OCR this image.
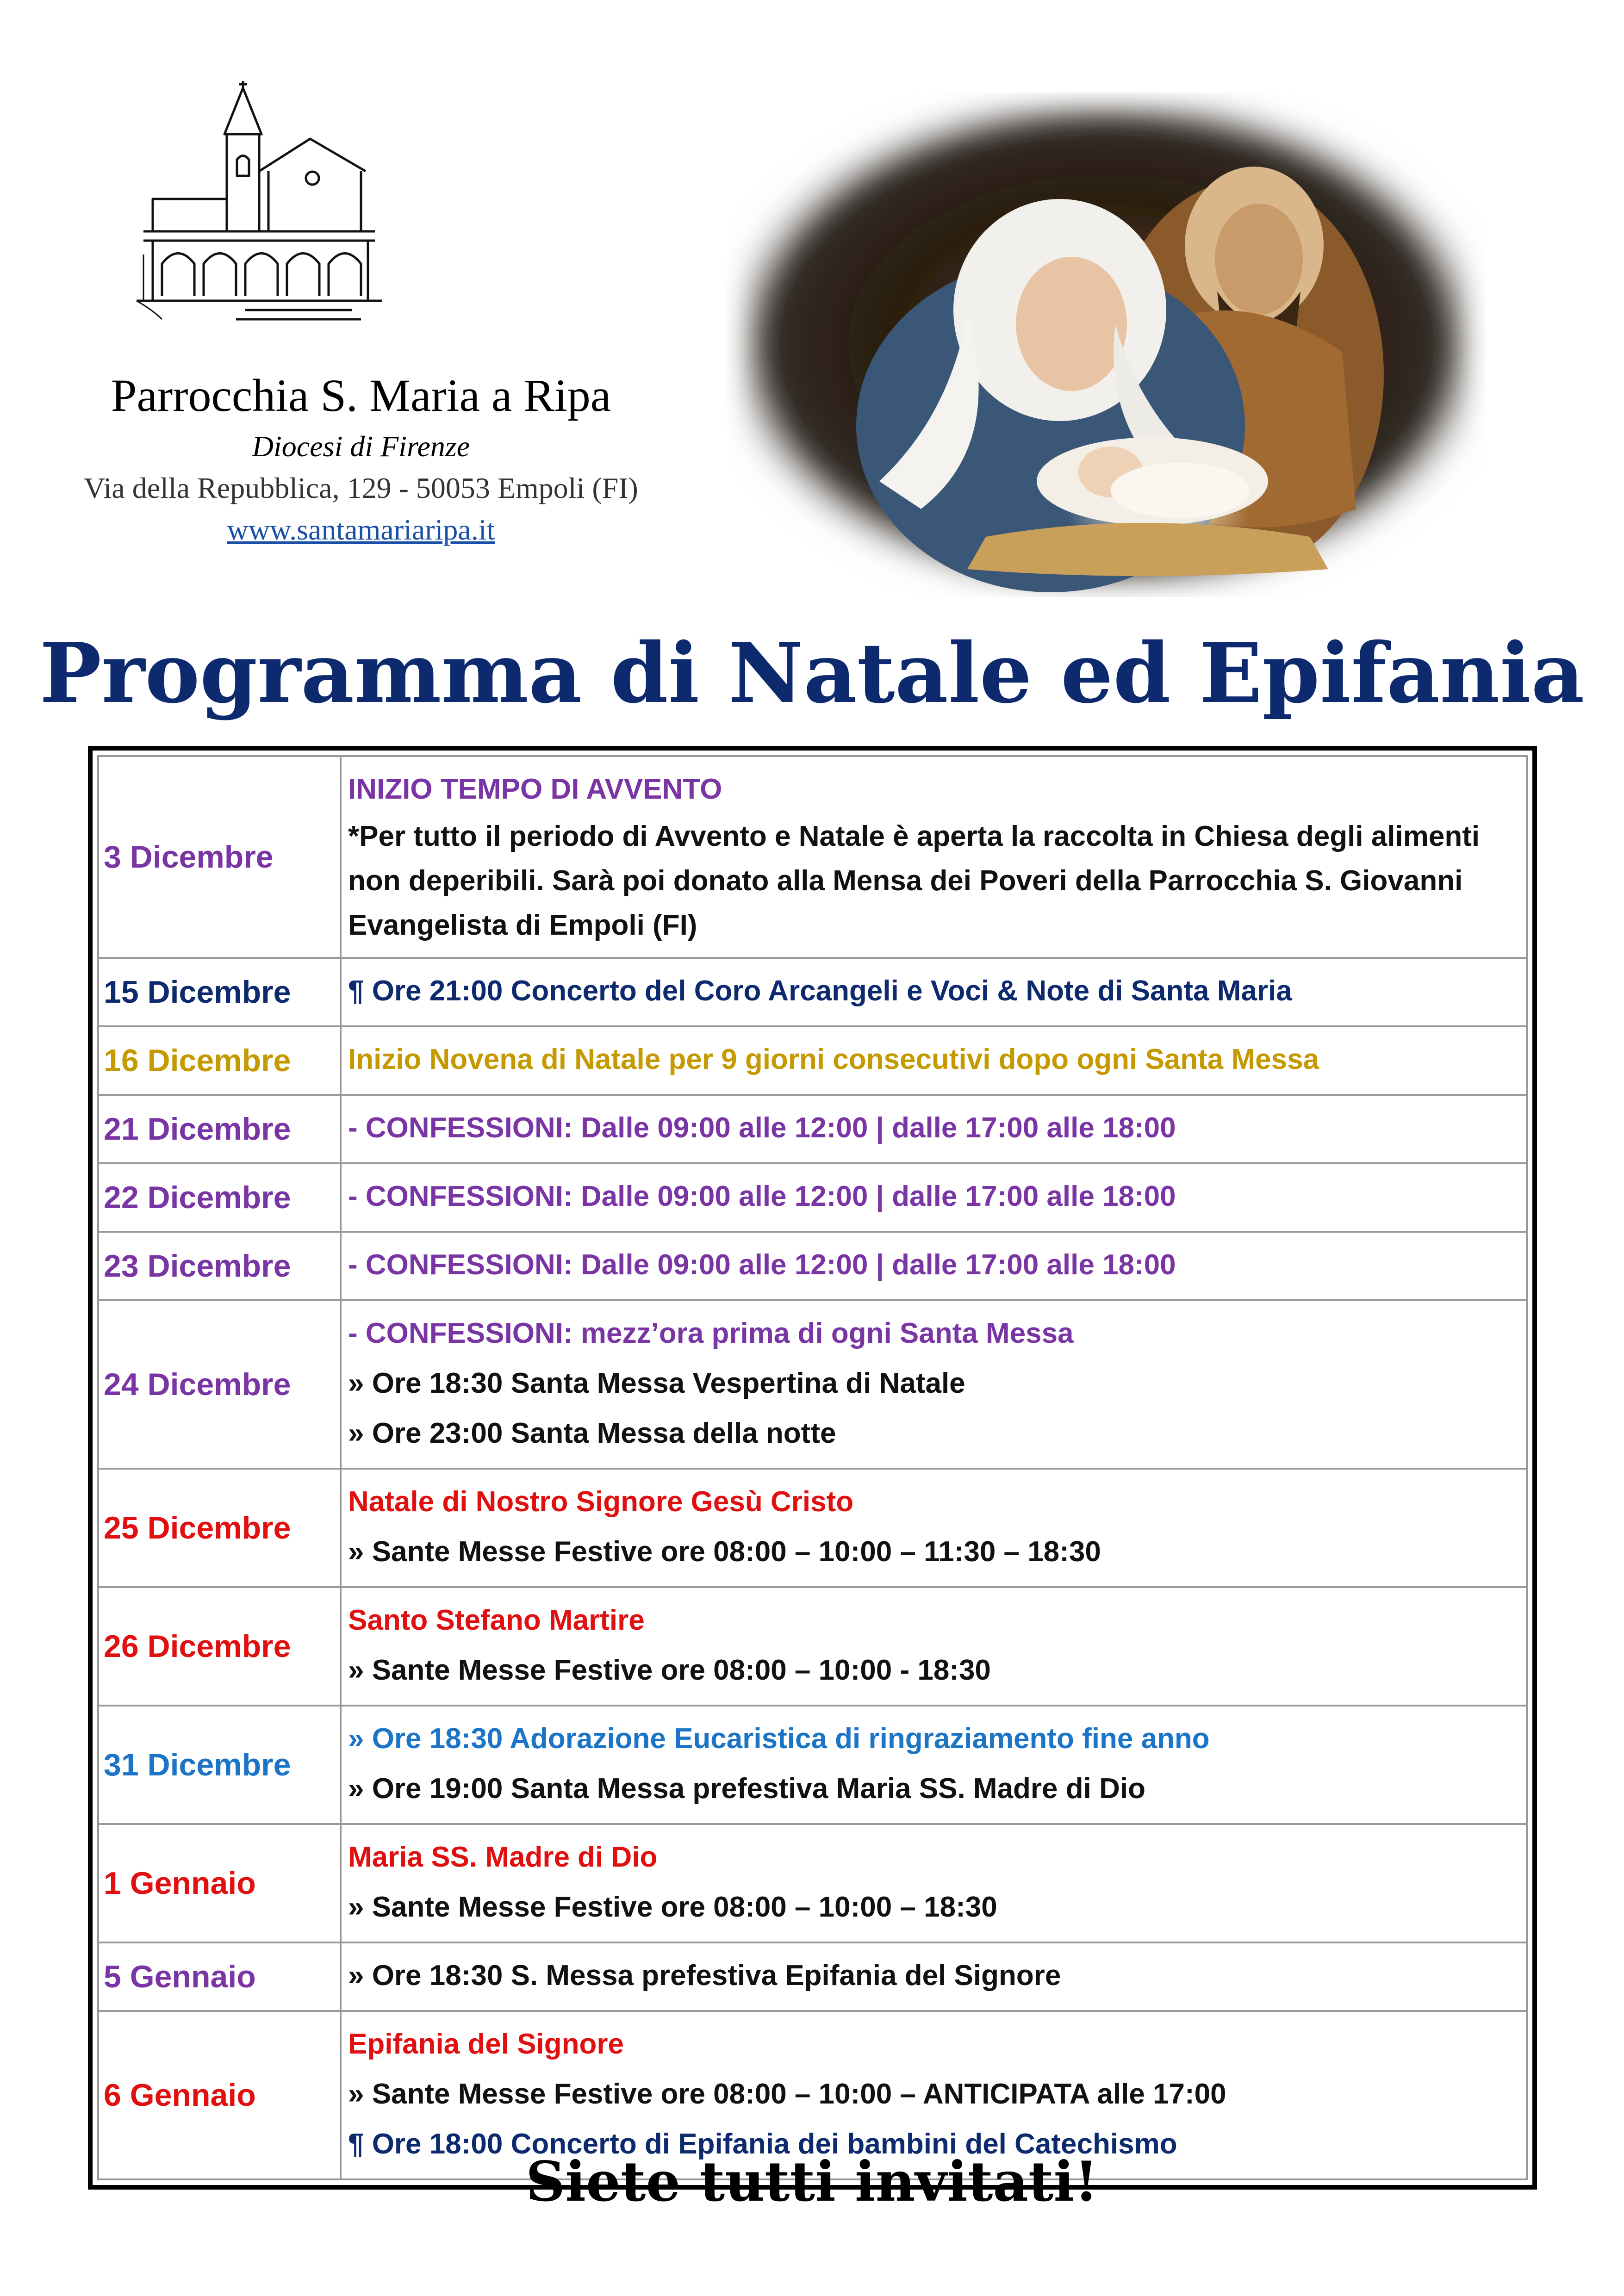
Parrocchia S. Maria a Ripa
Diocesi di Firenze
Via della Repubblica, 129 - 50053 Empoli (FI)
www.santamariaripa.it
Programma di Natale ed Epifania
3 Dicembre	INIZIO TEMPO DI AVVENTO
*Per tutto il periodo di Avvento e Natale è aperta la raccolta in Chiesa degli alimenti non deperibili. Sarà poi donato alla Mensa dei Poveri della Parrocchia S. Giovanni Evangelista di Empoli (FI)

15 Dicembre	¶ Ore 21:00 Concerto del Coro Arcangeli e Voci & Note di Santa Maria

16 Dicembre	Inizio Novena di Natale per 9 giorni consecutivi dopo ogni Santa Messa

21 Dicembre	- CONFESSIONI: Dalle 09:00 alle 12:00 | dalle 17:00 alle 18:00

22 Dicembre	- CONFESSIONI: Dalle 09:00 alle 12:00 | dalle 17:00 alle 18:00

23 Dicembre	- CONFESSIONI: Dalle 09:00 alle 12:00 | dalle 17:00 alle 18:00

24 Dicembre	- CONFESSIONI: mezz’ora prima di ogni Santa Messa
» Ore 18:30 Santa Messa Vespertina di Natale
» Ore 23:00 Santa Messa della notte

25 Dicembre	Natale di Nostro Signore Gesù Cristo
» Sante Messe Festive ore 08:00 – 10:00 – 11:30 – 18:30

26 Dicembre	Santo Stefano Martire
» Sante Messe Festive ore 08:00 – 10:00 - 18:30

31 Dicembre	» Ore 18:30 Adorazione Eucaristica di ringraziamento fine anno
» Ore 19:00 Santa Messa prefestiva Maria SS. Madre di Dio

1 Gennaio	Maria SS. Madre di Dio
» Sante Messe Festive ore 08:00 – 10:00 – 18:30

5 Gennaio	» Ore 18:30 S. Messa prefestiva Epifania del Signore

6 Gennaio	Epifania del Signore
» Sante Messe Festive ore 08:00 – 10:00 – ANTICIPATA alle 17:00
¶ Ore 18:00 Concerto di Epifania dei bambini del Catechismo
Siete tutti invitati!
